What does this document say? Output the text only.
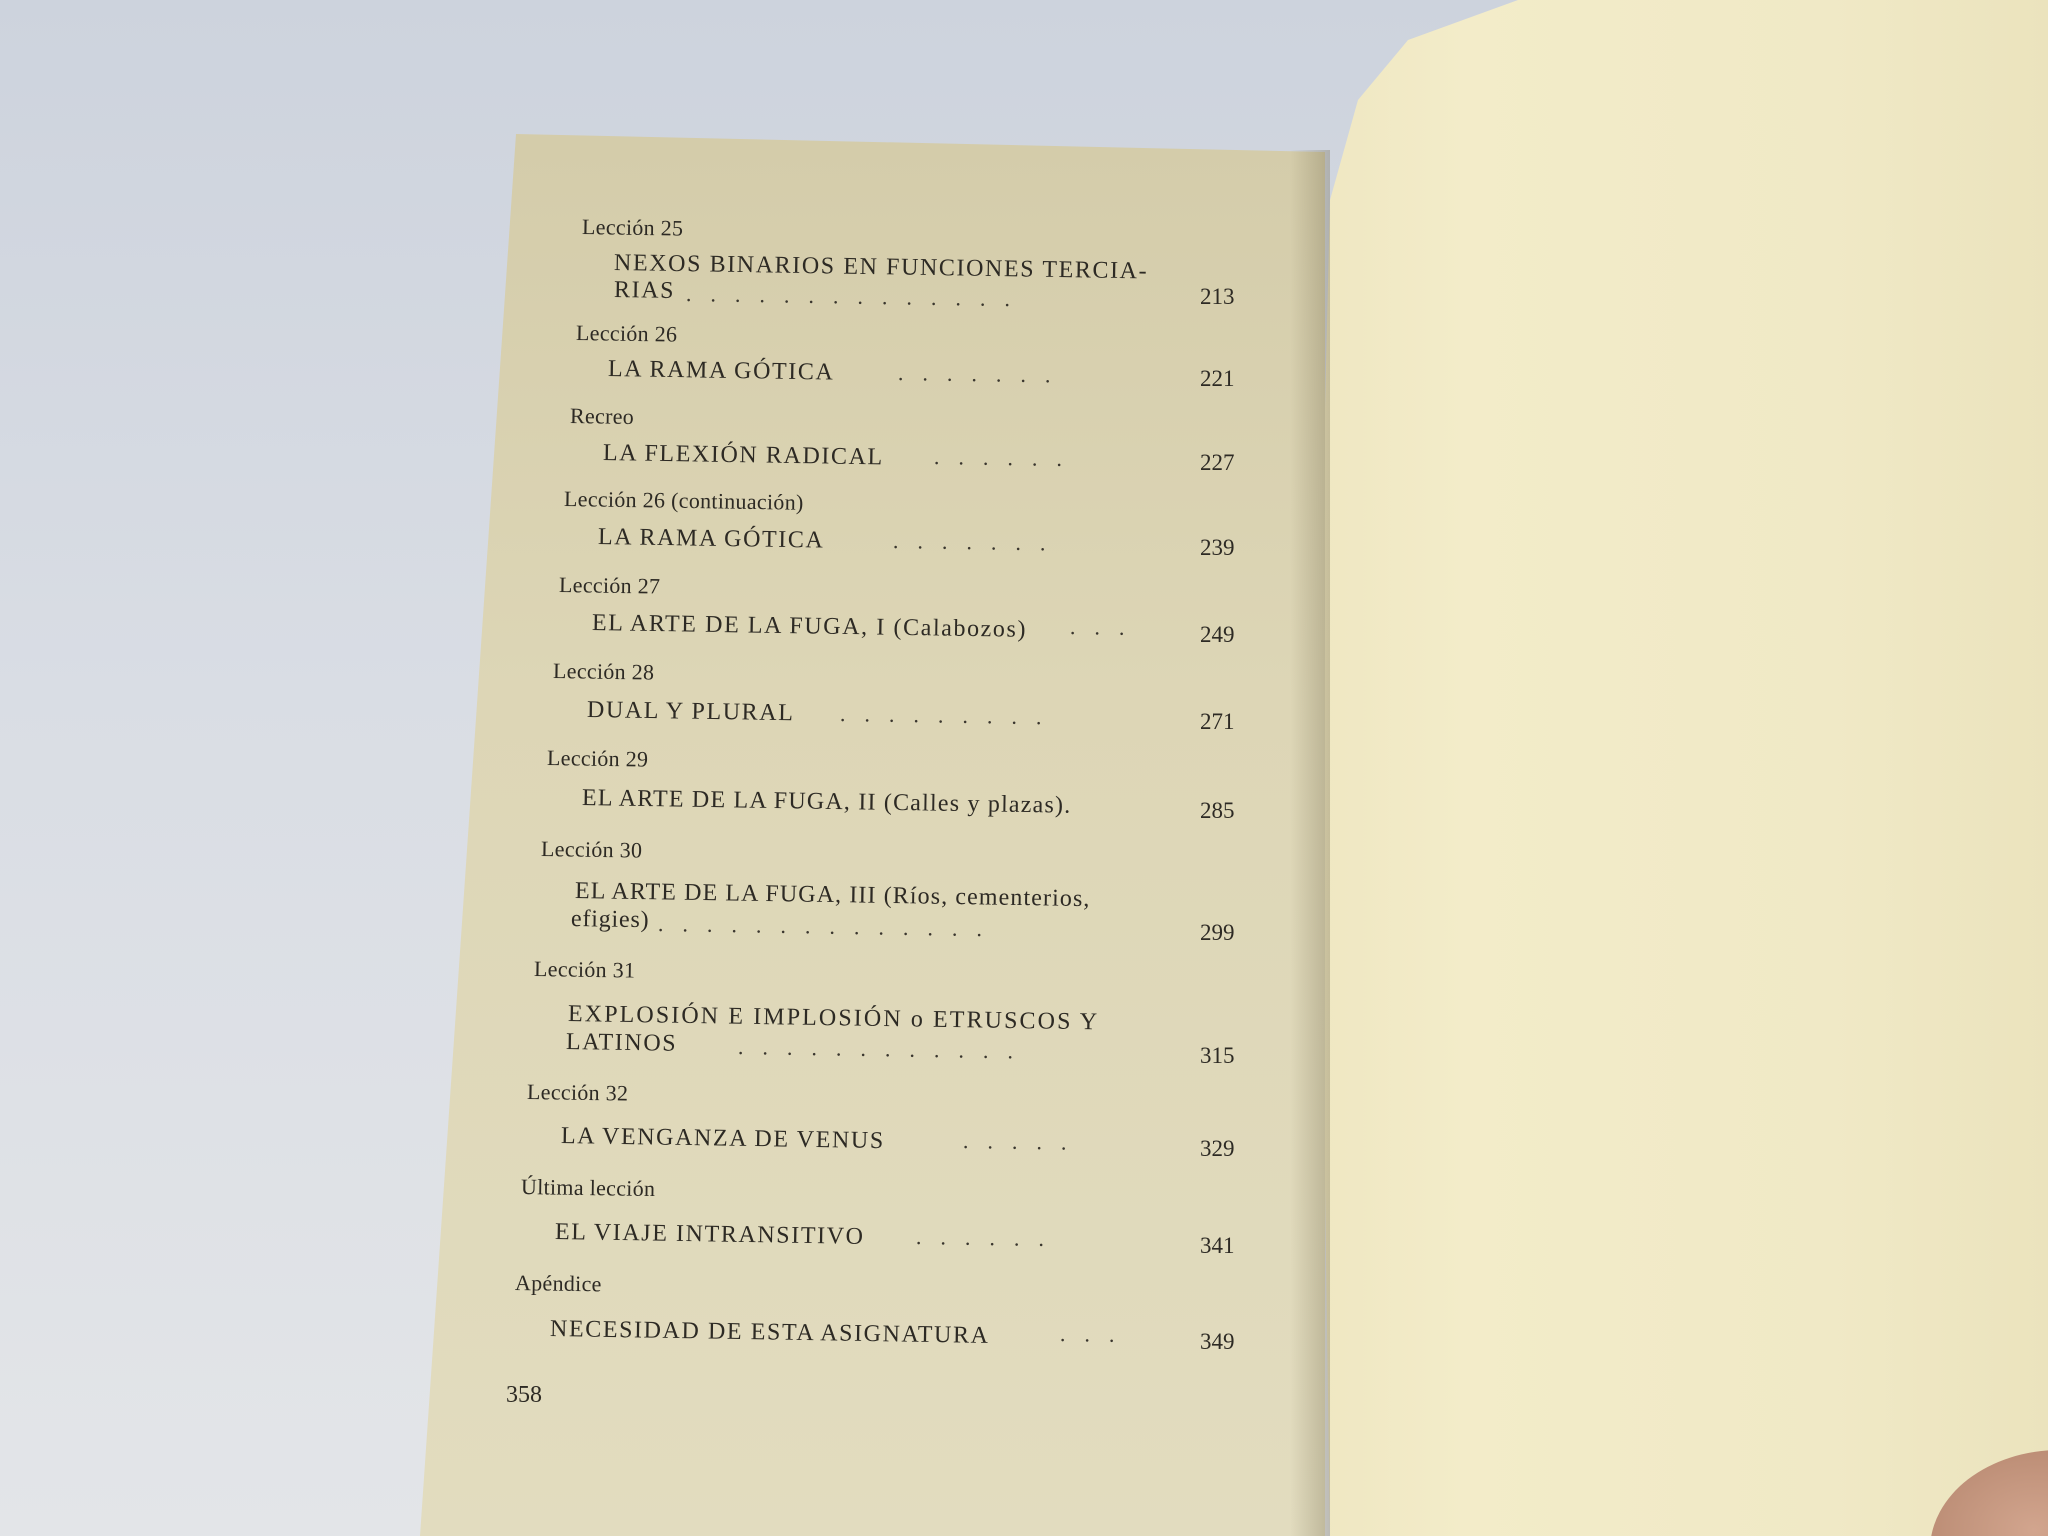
Lección 25
NEXOS BINARIOS EN FUNCIONES TERCIA-
RIAS ..............	213
Lección 26
LA RAMA GÓTICA	.......	221
Recreo
LA FLEXIÓN RADICAL ......	227
Lección 26 (continuación)
LA RAMA GÓTICA	.......	239
Lección 27
EL ARTE DE LA FUGA, I (Calabozos) ... 249
Lección 28
DUAL Y PLURAL .........	271
Lección 29
EL ARTE DE LA FUGA, II (Calles y plazas).	285
Lección 30
EL ARTE DE LA FUGA, III (Ríos, cementerios,
efigies) ..............	299
Lección 31
EXPLOSIÓN E IMPLOSIÓN o ETRUSCOS Y
LATINOS	............	315
Lección 32
LA VENGANZA DE VENUS	.....	329
Última lección
EL VIAJE INTRANSITIVO ......	341
Apéndice
NECESIDAD DE ESTA ASIGNATURA	...	349
358
